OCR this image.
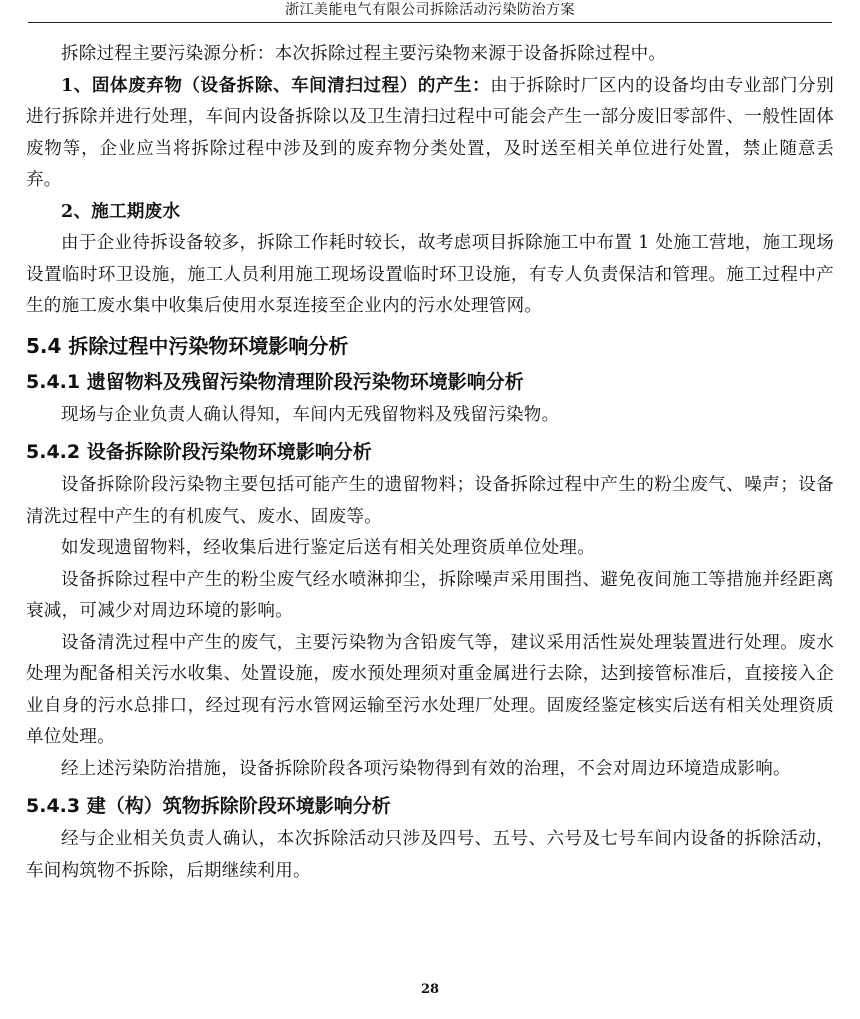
浙江美能电气有限公司拆除活动污染防治方案

拆除过程主要污染源分析：本次拆除过程主要污染物来源于设备拆除过程中。

1、固体废弃物（设备拆除、车间清扫过程）的产生：由于拆除时厂区内的设备均由专业部门分别进行拆除并进行处理，车间内设备拆除以及卫生清扫过程中可能会产生一部分废旧零部件、一般性固体废物等，企业应当将拆除过程中涉及到的废弃物分类处置，及时送至相关单位进行处置，禁止随意丢弃。

2、施工期废水

由于企业待拆设备较多，拆除工作耗时较长，故考虑项目拆除施工中布置 1 处施工营地，施工现场设置临时环卫设施，施工人员利用施工现场设置临时环卫设施，有专人负责保洁和管理。施工过程中产生的施工废水集中收集后使用水泵连接至企业内的污水处理管网。

5.4 拆除过程中污染物环境影响分析
5.4.1 遗留物料及残留污染物清理阶段污染物环境影响分析

现场与企业负责人确认得知，车间内无残留物料及残留污染物。

5.4.2 设备拆除阶段污染物环境影响分析

设备拆除阶段污染物主要包括可能产生的遗留物料；设备拆除过程中产生的粉尘废气、噪声；设备清洗过程中产生的有机废气、废水、固废等。

如发现遗留物料，经收集后进行鉴定后送有相关处理资质单位处理。

设备拆除过程中产生的粉尘废气经水喷淋抑尘，拆除噪声采用围挡、避免夜间施工等措施并经距离衰减，可减少对周边环境的影响。

设备清洗过程中产生的废气，主要污染物为含铅废气等，建议采用活性炭处理装置进行处理。废水处理为配备相关污水收集、处置设施，废水预处理须对重金属进行去除，达到接管标准后，直接接入企业自身的污水总排口，经过现有污水管网运输至污水处理厂处理。固废经鉴定核实后送有相关处理资质单位处理。

经上述污染防治措施，设备拆除阶段各项污染物得到有效的治理，不会对周边环境造成影响。

5.4.3 建（构）筑物拆除阶段环境影响分析

经与企业相关负责人确认，本次拆除活动只涉及四号、五号、六号及七号车间内设备的拆除活动，车间构筑物不拆除，后期继续利用。

28
